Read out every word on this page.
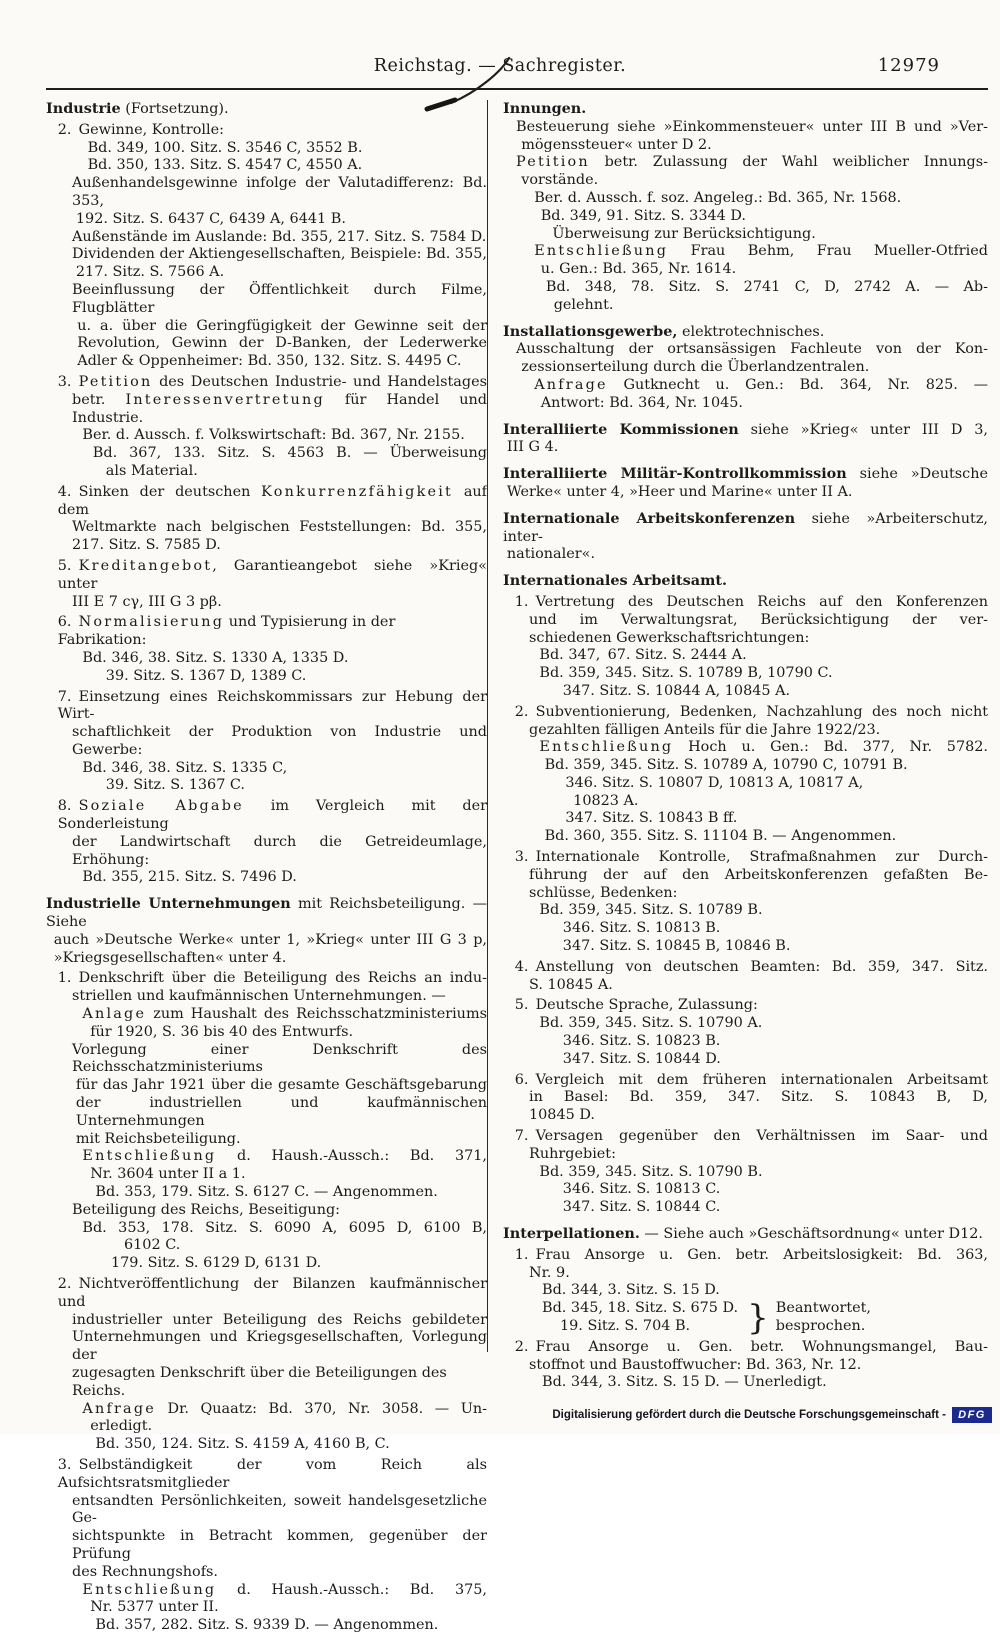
Reichstag. — Sachregister.	12979
Industrie (Fortsetzung).
2. Gewinne, Kontrolle:
Bd. 349, 100. Sitz. S. 3546 C, 3552 B.
Bd. 350, 133. Sitz. S. 4547 C, 4550 A.
Außenhandelsgewinne infolge der Valutadifferenz: Bd. 353,
192. Sitz. S. 6437 C, 6439 A, 6441 B.
Außenstände im Auslande: Bd. 355, 217. Sitz. S. 7584 D.
Dividenden der Aktiengesellschaften, Beispiele: Bd. 355,
217. Sitz. S. 7566 A.
Beeinflussung der Öffentlichkeit durch Filme, Flugblätter
u. a. über die Geringfügigkeit der Gewinne seit der
Revolution, Gewinn der D-Banken, der Lederwerke
Adler & Oppenheimer: Bd. 350, 132. Sitz. S. 4495 C.
3. Petition des Deutschen Industrie- und Handelstages
betr. Interessenvertretung für Handel und Industrie.
Ber. d. Aussch. f. Volkswirtschaft: Bd. 367, Nr. 2155.
Bd. 367, 133. Sitz. S. 4563 B. — Überweisung
als Material.
4. Sinken der deutschen Konkurrenzfähigkeit auf dem
Weltmarkte nach belgischen Feststellungen: Bd. 355,
217. Sitz. S. 7585 D.
5. Kreditangebot, Garantieangebot siehe »Krieg« unter
III E 7 cγ, III G 3 pβ.
6. Normalisierung und Typisierung in der Fabrikation:
Bd. 346, 38. Sitz. S. 1330 A, 1335 D.
39. Sitz. S. 1367 D, 1389 C.
7. Einsetzung eines Reichskommissars zur Hebung der Wirt-
schaftlichkeit der Produktion von Industrie und Gewerbe:
Bd. 346, 38. Sitz. S. 1335 C,
39. Sitz. S. 1367 C.
8. Soziale Abgabe im Vergleich mit der Sonderleistung
der Landwirtschaft durch die Getreideumlage, Erhöhung:
Bd. 355, 215. Sitz. S. 7496 D.
Industrielle Unternehmungen mit Reichsbeteiligung. — Siehe
auch »Deutsche Werke« unter 1, »Krieg« unter III G 3 p,
»Kriegsgesellschaften« unter 4.
1. Denkschrift über die Beteiligung des Reichs an indu-
striellen und kaufmännischen Unternehmungen. —
Anlage zum Haushalt des Reichsschatzministeriums
für 1920, S. 36 bis 40 des Entwurfs.
Vorlegung einer Denkschrift des Reichsschatzministeriums
für das Jahr 1921 über die gesamte Geschäftsgebarung
der industriellen und kaufmännischen Unternehmungen
mit Reichsbeteiligung.
Entschließung d. Haush.-Aussch.: Bd. 371,
Nr. 3604 unter II a 1.
Bd. 353, 179. Sitz. S. 6127 C. — Angenommen.
Beteiligung des Reichs, Beseitigung:
Bd. 353, 178. Sitz. S. 6090 A, 6095 D, 6100 B,
6102 C.
179. Sitz. S. 6129 D, 6131 D.
2. Nichtveröffentlichung der Bilanzen kaufmännischer und
industrieller unter Beteiligung des Reichs gebildeter
Unternehmungen und Kriegsgesellschaften, Vorlegung der
zugesagten Denkschrift über die Beteiligungen des Reichs.
Anfrage Dr. Quaatz: Bd. 370, Nr. 3058. — Un-
erledigt.
Bd. 350, 124. Sitz. S. 4159 A, 4160 B, C.
3. Selbständigkeit der vom Reich als Aufsichtsratsmitglieder
entsandten Persönlichkeiten, soweit handelsgesetzliche Ge-
sichtspunkte in Betracht kommen, gegenüber der Prüfung
des Rechnungshofs.
Entschließung d. Haush.-Aussch.: Bd. 375,
Nr. 5377 unter II.
Bd. 357, 282. Sitz. S. 9339 D. — Angenommen.
Innungen.
Besteuerung siehe »Einkommensteuer« unter III B und »Ver-
mögenssteuer« unter D 2.
Petition betr. Zulassung der Wahl weiblicher Innungs-
vorstände.
Ber. d. Aussch. f. soz. Angeleg.: Bd. 365, Nr. 1568.
Bd. 349, 91. Sitz. S. 3344 D.
Überweisung zur Berücksichtigung.
Entschließung Frau Behm, Frau Mueller-Otfried
u. Gen.: Bd. 365, Nr. 1614.
Bd. 348, 78. Sitz. S. 2741 C, D, 2742 A. — Ab-
gelehnt.
Installationsgewerbe, elektrotechnisches.
Ausschaltung der ortsansässigen Fachleute von der Kon-
zessionserteilung durch die Überlandzentralen.
Anfrage Gutknecht u. Gen.: Bd. 364, Nr. 825. —
Antwort: Bd. 364, Nr. 1045.
Interalliierte Kommissionen siehe »Krieg« unter III D 3,
III G 4.
Interalliierte Militär-Kontrollkommission siehe »Deutsche
Werke« unter 4, »Heer und Marine« unter II A.
Internationale Arbeitskonferenzen siehe »Arbeiterschutz, inter-
nationaler«.
Internationales Arbeitsamt.
1. Vertretung des Deutschen Reichs auf den Konferenzen
und im Verwaltungsrat, Berücksichtigung der ver-
schiedenen Gewerkschaftsrichtungen:
Bd. 347, 67. Sitz. S. 2444 A.
Bd. 359, 345. Sitz. S. 10789 B, 10790 C.
347. Sitz. S. 10844 A, 10845 A.
2. Subventionierung, Bedenken, Nachzahlung des noch nicht
gezahlten fälligen Anteils für die Jahre 1922/23.
Entschließung Hoch u. Gen.: Bd. 377, Nr. 5782.
Bd. 359, 345. Sitz. S. 10789 A, 10790 C, 10791 B.
346. Sitz. S. 10807 D, 10813 A, 10817 A,
10823 A.
347. Sitz. S. 10843 B ff.
Bd. 360, 355. Sitz. S. 11104 B. — Angenommen.
3. Internationale Kontrolle, Strafmaßnahmen zur Durch-
führung der auf den Arbeitskonferenzen gefaßten Be-
schlüsse, Bedenken:
Bd. 359, 345. Sitz. S. 10789 B.
346. Sitz. S. 10813 B.
347. Sitz. S. 10845 B, 10846 B.
4. Anstellung von deutschen Beamten: Bd. 359, 347. Sitz.
S. 10845 A.
5. Deutsche Sprache, Zulassung:
Bd. 359, 345. Sitz. S. 10790 A.
346. Sitz. S. 10823 B.
347. Sitz. S. 10844 D.
6. Vergleich mit dem früheren internationalen Arbeitsamt
in Basel: Bd. 359, 347. Sitz. S. 10843 B, D,
10845 D.
7. Versagen gegenüber den Verhältnissen im Saar- und
Ruhrgebiet:
Bd. 359, 345. Sitz. S. 10790 B.
346. Sitz. S. 10813 C.
347. Sitz. S. 10844 C.
Interpellationen. — Siehe auch »Geschäftsordnung« unter D12.
1. Frau Ansorge u. Gen. betr. Arbeitslosigkeit: Bd. 363,
Nr. 9.
Bd. 344, 3. Sitz. S. 15 D.
Bd. 345, 18. Sitz. S. 675 D.
19. Sitz. S. 704 B.	} Beantwortet,
besprochen.
2. Frau Ansorge u. Gen. betr. Wohnungsmangel, Bau-
stoffnot und Baustoffwucher: Bd. 363, Nr. 12.
Bd. 344, 3. Sitz. S. 15 D. — Unerledigt.
Digitalisierung gefördert durch die Deutsche Forschungsgemeinschaft -	DFG
